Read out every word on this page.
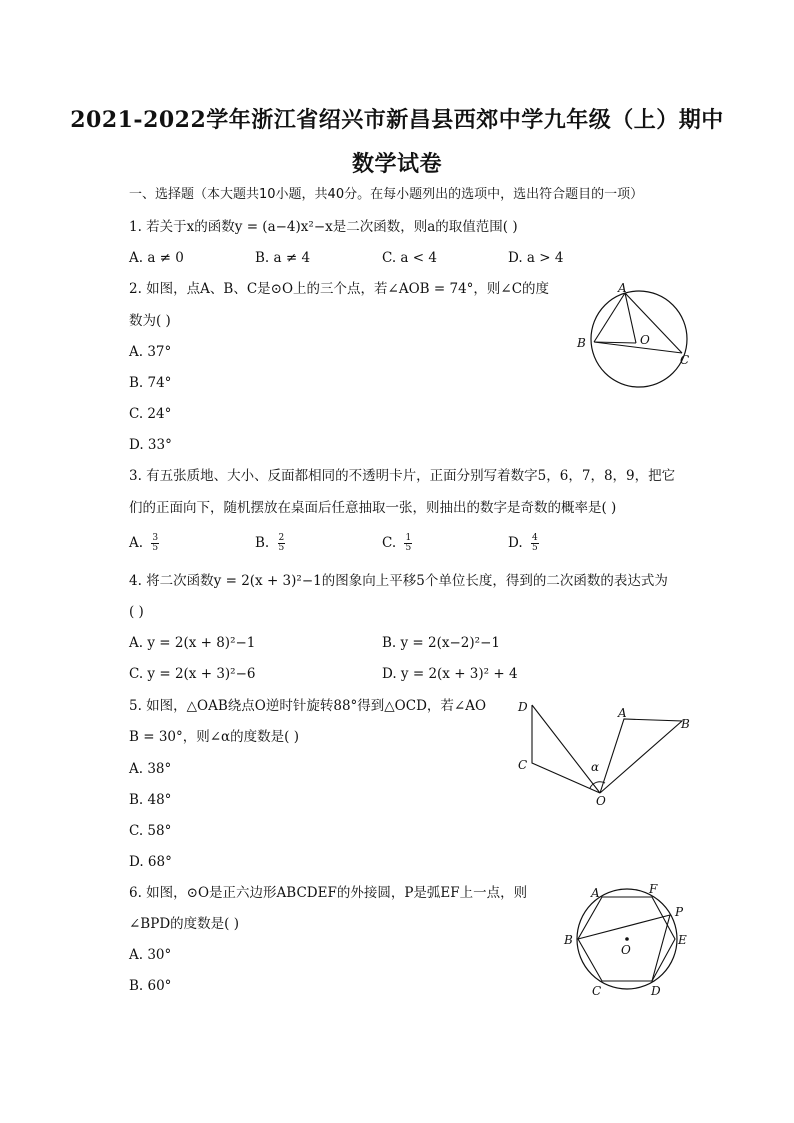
2021-2022学年浙江省绍兴市新昌县西郊中学九年级（上）期中
数学试卷
一、选择题（本大题共10小题，共40分。在每小题列出的选项中，选出符合题目的一项）
1. 若关于x的函数y = (a−4)x²−x是二次函数，则a的取值范围( )
A. a ≠ 0	B. a ≠ 4	C. a < 4	D. a > 4
2. 如图，点A、B、C是⊙O上的三个点，若∠AOB = 74°，则∠C的度
数为( )
A. 37°
B. 74°
C. 24°
D. 33°
A
B
C
O
3. 有五张质地、大小、反面都相同的不透明卡片，正面分别写着数字5，6，7，8，9，把它
们的正面向下，随机摆放在桌面后任意抽取一张，则抽出的数字是奇数的概率是( )
A. $\frac{3}{5}$	B. $\frac{2}{5}$	C. $\frac{1}{5}$	D. $\frac{4}{5}$
4. 将二次函数y = 2(x + 3)²−1的图象向上平移5个单位长度，得到的二次函数的表达式为
( )
A. y = 2(x + 8)²−1	B. y = 2(x−2)²−1
C. y = 2(x + 3)²−6	D. y = 2(x + 3)² + 4
5. 如图，△OAB绕点O逆时针旋转88°得到△OCD，若∠AO
B = 30°，则∠α的度数是( )
A. 38°
B. 48°
C. 58°
D. 68°
D
C
A
B
O
α
6. 如图，⊙O是正六边形ABCDEF的外接圆，P是弧EF上一点，则
∠BPD的度数是( )
A. 30°
B. 60°
A	F
P
E
B
O
C	D
